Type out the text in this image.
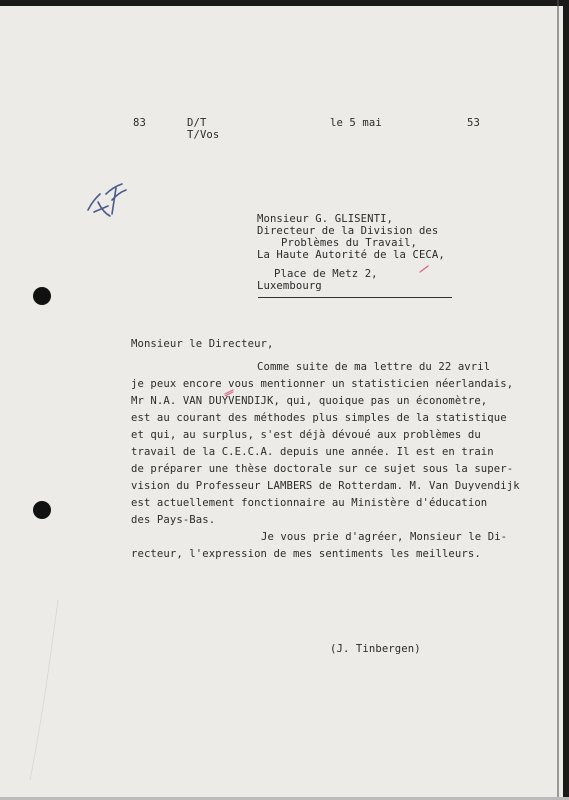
83	D/T
T/Vos
le 5 mai	53
Monsieur G. GLISENTI,
Directeur de la Division des
Problèmes du Travail,
La Haute Autorité de la CECA,
Place de Metz 2,
Luxembourg
Monsieur le Directeur,
Comme suite de ma lettre du 22 avril
je peux encore vous mentionner un statisticien néerlandais,
Mr N.A. VAN DUYVENDIJK, qui, quoique pas un économètre,
est au courant des méthodes plus simples de la statistique
et qui, au surplus, s'est déjà dévoué aux problèmes du
travail de la C.E.C.A. depuis une année. Il est en train
de préparer une thèse doctorale sur ce sujet sous la super-
vision du Professeur LAMBERS de Rotterdam. M. Van Duyvendijk
est actuellement fonctionnaire au Ministère d'éducation
des Pays-Bas.
Je vous prie d'agréer, Monsieur le Di-
recteur, l'expression de mes sentiments les meilleurs.
(J. Tinbergen)
